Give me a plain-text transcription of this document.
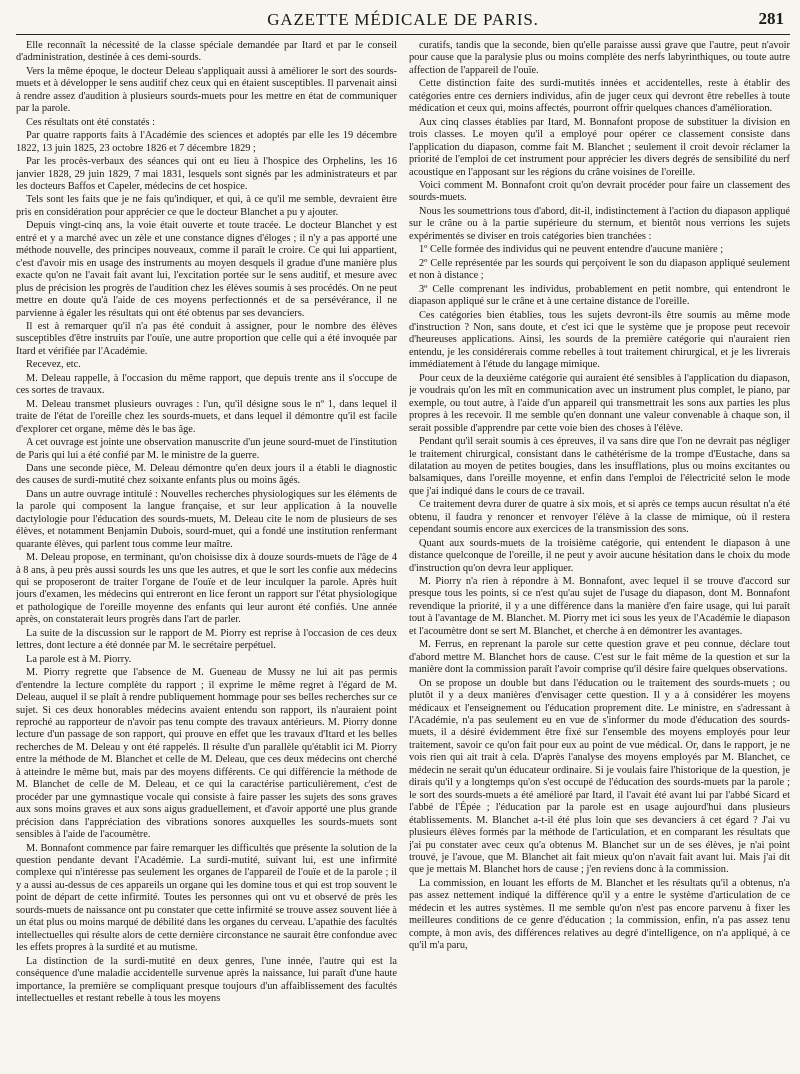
GAZETTE MÉDICALE DE PARIS.	281

Elle reconnaît la nécessité de la classe spéciale demandée par Itard et par le conseil d'administration, destinée à ces demi-sourds.

Vers la même époque, le docteur Deleau s'appliquait aussi à améliorer le sort des sourds-muets et à développer le sens auditif chez ceux qui en étaient susceptibles. Il parvenait ainsi à rendre assez d'audition à plusieurs sourds-muets pour les mettre en état de communiquer par la parole.

Ces résultats ont été constatés :

Par quatre rapports faits à l'Académie des sciences et adoptés par elle les 19 décembre 1822, 13 juin 1825, 23 octobre 1826 et 7 décembre 1829 ;

Par les procès-verbaux des séances qui ont eu lieu à l'hospice des Orphelins, les 16 janvier 1828, 29 juin 1829, 7 mai 1831, lesquels sont signés par les administrateurs et par les docteurs Baffos et Capeler, médecins de cet hospice.

Tels sont les faits que je ne fais qu'indiquer, et qui, à ce qu'il me semble, devraient être pris en considération pour apprécier ce que le docteur Blanchet a pu y ajouter.

Depuis vingt-cinq ans, la voie était ouverte et toute tracée. Le docteur Blanchet y est entré et y a marché avec un zèle et une constance dignes d'éloges ; il n'y a pas apporté une méthode nouvelle, des principes nouveaux, comme il paraît le croire. Ce qui lui appartient, c'est d'avoir mis en usage des instruments au moyen desquels il gradue d'une manière plus exacte qu'on ne l'avait fait avant lui, l'excitation portée sur le sens auditif, et mesure avec plus de précision les progrès de l'audition chez les élèves soumis à ses procédés. On ne peut mettre en doute qu'à l'aide de ces moyens perfectionnés et de sa persévérance, il ne parvienne à égaler les résultats qui ont été obtenus par ses devanciers.

Il est à remarquer qu'il n'a pas été conduit à assigner, pour le nombre des élèves susceptibles d'être instruits par l'ouïe, une autre proportion que celle qui a été invoquée par Itard et vérifiée par l'Académie.

Recevez, etc.

M. Deleau rappelle, à l'occasion du même rapport, que depuis trente ans il s'occupe de ces sortes de travaux.

M. Deleau transmet plusieurs ouvrages : l'un, qu'il désigne sous le nº 1, dans lequel il traite de l'état de l'oreille chez les sourds-muets, et dans lequel il démontre qu'il est facile d'explorer cet organe, même dès le bas âge.

A cet ouvrage est jointe une observation manuscrite d'un jeune sourd-muet de l'institution de Paris qui lui a été confié par M. le ministre de la guerre.

Dans une seconde pièce, M. Deleau démontre qu'en deux jours il a établi le diagnostic des causes de surdi-mutité chez soixante enfants plus ou moins âgés.

Dans un autre ouvrage intitulé : Nouvelles recherches physiologiques sur les éléments de la parole qui composent la langue française, et sur leur application à la nouvelle dactylologie pour l'éducation des sourds-muets, M. Deleau cite le nom de plusieurs de ses élèves, et notamment Benjamin Dubois, sourd-muet, qui a fondé une institution renfermant quarante élèves, qui parlent tous comme leur maître.

M. Deleau propose, en terminant, qu'on choisisse dix à douze sourds-muets de l'âge de 4 à 8 ans, à peu près aussi sourds les uns que les autres, et que le sort les confie aux médecins qui se proposeront de traiter l'organe de l'ouïe et de leur inculquer la parole. Après huit jours d'examen, les médecins qui entreront en lice feront un rapport sur l'état physiologique et pathologique de l'oreille moyenne des enfants qui leur auront été confiés. Une année après, on constaterait leurs progrès dans l'art de parler.

La suite de la discussion sur le rapport de M. Piorry est reprise à l'occasion de ces deux lettres, dont lecture a été donnée par M. le secrétaire perpétuel.

La parole est à M. Piorry.

M. Piorry regrette que l'absence de M. Gueneau de Mussy ne lui ait pas permis d'entendre la lecture complète du rapport ; il exprime le même regret à l'égard de M. Deleau, auquel il se plaît à rendre publiquement hommage pour ses belles recherches sur ce sujet. Si ces deux honorables médecins avaient entendu son rapport, ils n'auraient point reproché au rapporteur de n'avoir pas tenu compte des travaux antérieurs. M. Piorry donne lecture d'un passage de son rapport, qui prouve en effet que les travaux d'Itard et les belles recherches de M. Deleau y ont été rappelés. Il résulte d'un parallèle qu'établit ici M. Piorry entre la méthode de M. Blanchet et celle de M. Deleau, que ces deux médecins ont cherché à atteindre le même but, mais par des moyens différents. Ce qui différencie la méthode de M. Blanchet de celle de M. Deleau, et ce qui la caractérise particulièrement, c'est de procéder par une gymnastique vocale qui consiste à faire passer les sujets des sons graves aux sons moins graves et aux sons aigus graduellement, et d'avoir apporté une plus grande précision dans l'appréciation des vibrations sonores auxquelles les sourds-muets sont sensibles à l'aide de l'acoumètre.

M. Bonnafont commence par faire remarquer les difficultés que présente la solution de la question pendante devant l'Académie. La surdi-mutité, suivant lui, est une infirmité complexe qui n'intéresse pas seulement les organes de l'appareil de l'ouïe et de la parole ; il y a aussi au-dessus de ces appareils un organe qui les domine tous et qui est trop souvent le point de départ de cette infirmité. Toutes les personnes qui ont vu et observé de près les sourds-muets de naissance ont pu constater que cette infirmité se trouve assez souvent liée à un état plus ou moins marqué de débilité dans les organes du cerveau. L'apathie des facultés intellectuelles qui résulte alors de cette dernière circonstance ne saurait être confondue avec les effets propres à la surdité et au mutisme.

La distinction de la surdi-mutité en deux genres, l'une innée, l'autre qui est la conséquence d'une maladie accidentelle survenue après la naissance, lui paraît d'une haute importance, la première se compliquant presque toujours d'un affaiblissement des facultés intellectuelles et restant rebelle à tous les moyens

curatifs, tandis que la seconde, bien qu'elle paraisse aussi grave que l'autre, peut n'avoir pour cause que la paralysie plus ou moins complète des nerfs labyrinthiques, ou toute autre affection de l'appareil de l'ouïe.

Cette distinction faite des surdi-mutités innées et accidentelles, reste à établir des catégories entre ces derniers individus, afin de juger ceux qui devront être rebelles à toute médication et ceux qui, moins affectés, pourront offrir quelques chances d'amélioration.

Aux cinq classes établies par Itard, M. Bonnafont propose de substituer la division en trois classes. Le moyen qu'il a employé pour opérer ce classement consiste dans l'application du diapason, comme fait M. Blanchet ; seulement il croit devoir réclamer la priorité de l'emploi de cet instrument pour apprécier les divers degrés de sensibilité du nerf acoustique en l'apposant sur les régions du crâne voisines de l'oreille.

Voici comment M. Bonnafont croit qu'on devrait procéder pour faire un classement des sourds-muets.

Nous les soumettrions tous d'abord, dit-il, indistinctement à l'action du diapason appliqué sur le crâne ou à la partie supérieure du sternum, et bientôt nous verrions les sujets expérimentés se diviser en trois catégories bien tranchées :

1º Celle formée des individus qui ne peuvent entendre d'aucune manière ;

2º Celle représentée par les sourds qui perçoivent le son du diapason appliqué seulement et non à distance ;

3º Celle comprenant les individus, probablement en petit nombre, qui entendront le diapason appliqué sur le crâne et à une certaine distance de l'oreille.

Ces catégories bien établies, tous les sujets devront-ils être soumis au même mode d'instruction ? Non, sans doute, et c'est ici que le système que je propose peut recevoir d'heureuses applications. Ainsi, les sourds de la première catégorie qui n'auraient rien entendu, je les considérerais comme rebelles à tout traitement chirurgical, et je les livrerais immédiatement à l'étude du langage mimique.

Pour ceux de la deuxième catégorie qui auraient été sensibles à l'application du diapason, je voudrais qu'on les mît en communication avec un instrument plus complet, le piano, par exemple, ou tout autre, à l'aide d'un appareil qui transmettrait les sons aux parties les plus propres à les recevoir. Il me semble qu'en donnant une valeur convenable à chaque son, il serait possible d'apprendre par cette voie bien des choses à l'élève.

Pendant qu'il serait soumis à ces épreuves, il va sans dire que l'on ne devrait pas négliger le traitement chirurgical, consistant dans le cathétérisme de la trompe d'Eustache, dans sa dilatation au moyen de petites bougies, dans les insufflations, plus ou moins excitantes ou balsamiques, dans l'oreille moyenne, et enfin dans l'emploi de l'électricité selon le mode que j'ai indiqué dans le cours de ce travail.

Ce traitement devra durer de quatre à six mois, et si après ce temps aucun résultat n'a été obtenu, il faudra y renoncer et renvoyer l'élève à la classe de mimique, où il restera cependant soumis encore aux exercices de la transmission des sons.

Quant aux sourds-muets de la troisième catégorie, qui entendent le diapason à une distance quelconque de l'oreille, il ne peut y avoir aucune hésitation dans le choix du mode d'instruction qu'on devra leur appliquer.

M. Piorry n'a rien à répondre à M. Bonnafont, avec lequel il se trouve d'accord sur presque tous les points, si ce n'est qu'au sujet de l'usage du diapason, dont M. Bonnafont revendique la priorité, il y a une différence dans la manière d'en faire usage, qui lui paraît tout à l'avantage de M. Blanchet. M. Piorry met ici sous les yeux de l'Académie le diapason et l'acoumètre dont se sert M. Blanchet, et cherche à en démontrer les avantages.

M. Ferrus, en reprenant la parole sur cette question grave et peu connue, déclare tout d'abord mettre M. Blanchet hors de cause. C'est sur le fait même de la question et sur la manière dont la commission paraît l'avoir comprise qu'il désire faire quelques observations.

On se propose un double but dans l'éducation ou le traitement des sourds-muets ; ou plutôt il y a deux manières d'envisager cette question. Il y a à considérer les moyens médicaux et l'enseignement ou l'éducation proprement dite. Le ministre, en s'adressant à l'Académie, n'a pas seulement eu en vue de s'informer du mode d'éducation des sourds-muets, il a désiré évidemment être fixé sur l'ensemble des moyens employés pour leur traitement, savoir ce qu'on fait pour eux au point de vue médical. Or, dans le rapport, je ne vois rien qui ait trait à cela. D'après l'analyse des moyens employés par M. Blanchet, ce médecin ne serait qu'un éducateur ordinaire. Si je voulais faire l'historique de la question, je dirais qu'il y a longtemps qu'on s'est occupé de l'éducation des sourds-muets par la parole ; le sort des sourds-muets a été amélioré par Itard, il l'avait été avant lui par l'abbé Sicard et l'abbé de l'Épée ; l'éducation par la parole est en usage aujourd'hui dans plusieurs établissements. M. Blanchet a-t-il été plus loin que ses devanciers à cet égard ? J'ai vu plusieurs élèves formés par la méthode de l'articulation, et en comparant les résultats que j'ai pu constater avec ceux qu'a obtenus M. Blanchet sur un de ses élèves, je n'ai point trouvé, je l'avoue, que M. Blanchet ait fait mieux qu'on n'avait fait avant lui. Mais j'ai dit que je mettais M. Blanchet hors de cause ; j'en reviens donc à la commission.

La commission, en louant les efforts de M. Blanchet et les résultats qu'il a obtenus, n'a pas assez nettement indiqué la différence qu'il y a entre le système d'articulation de ce médecin et les autres systèmes. Il me semble qu'on n'est pas encore parvenu à fixer les meilleures conditions de ce genre d'éducation ; la commission, enfin, n'a pas assez tenu compte, à mon avis, des différences relatives au degré d'intelligence, on n'a appliqué, à ce qu'il m'a paru,
